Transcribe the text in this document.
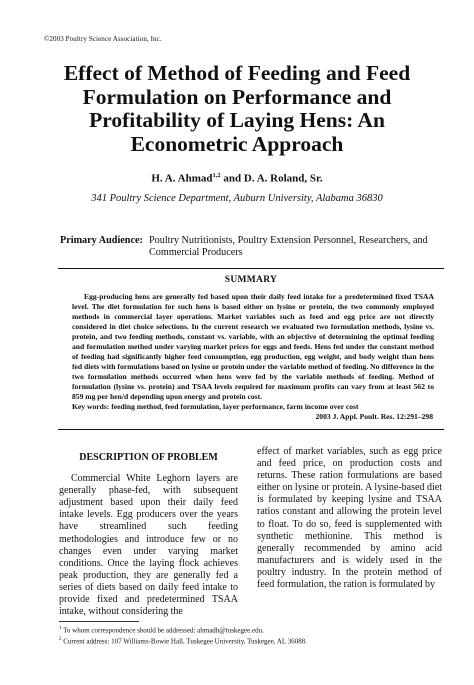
©2003 Poultry Science Association, Inc.
Effect of Method of Feeding and Feed Formulation on Performance and Profitability of Laying Hens: An Econometric Approach
H. A. Ahmad$^{1,2}$ and D. A. Roland, Sr.
341 Poultry Science Department, Auburn University, Alabama 36830
Primary Audience: Poultry Nutritionists, Poultry Extension Personnel, Researchers, and Commercial Producers
SUMMARY
Egg-producing hens are generally fed based upon their daily feed intake for a predetermined fixed TSAA level. The diet formulation for such hens is based either on lysine or protein, the two commonly employed methods in commercial layer operations. Market variables such as feed and egg price are not directly considered in diet choice selections. In the current research we evaluated two formulation methods, lysine vs. protein, and two feeding methods, constant vs. variable, with an objective of determining the optimal feeding and formulation method under varying market prices for eggs and feeds. Hens fed under the constant method of feeding had significantly higher feed consumption, egg production, egg weight, and body weight than hens fed diets with formulations based on lysine or protein under the variable method of feeding. No difference in the two formulation methods occurred when hens were fed by the variable methods of feeding. Method of formulation (lysine vs. protein) and TSAA levels required for maximum profits can vary from at least 562 to 859 mg per hen/d depending upon energy and protein cost.
Key words: feeding method, feed formulation, layer performance, farm income over cost
2003 J. Appl. Poult. Res. 12:291–298
DESCRIPTION OF PROBLEM

Commercial White Leghorn layers are generally phase-fed, with subsequent adjustment based upon their daily feed intake levels. Egg producers over the years have streamlined such feeding methodologies and introduce few or no changes even under varying market conditions. Once the laying flock achieves peak production, they are generally fed a series of diets based on daily feed intake to provide fixed and predetermined TSAA intake, without considering the

effect of market variables, such as egg price and feed price, on production costs and returns. These ration formulations are based either on lysine or protein. A lysine-based diet is formulated by keeping lysine and TSAA ratios constant and allowing the protein level to float. To do so, feed is supplemented with synthetic methionine. This method is generally recommended by amino acid manufacturers and is widely used in the poultry industry. In the protein method of feed formulation, the ration is formulated by

$^1$ To whom correspondence should be addressed: ahmadh@tuskegee.edu.
$^2$ Current address: 107 Williams-Bowie Hall, Tuskegee University, Tuskegee, AL 36088.
